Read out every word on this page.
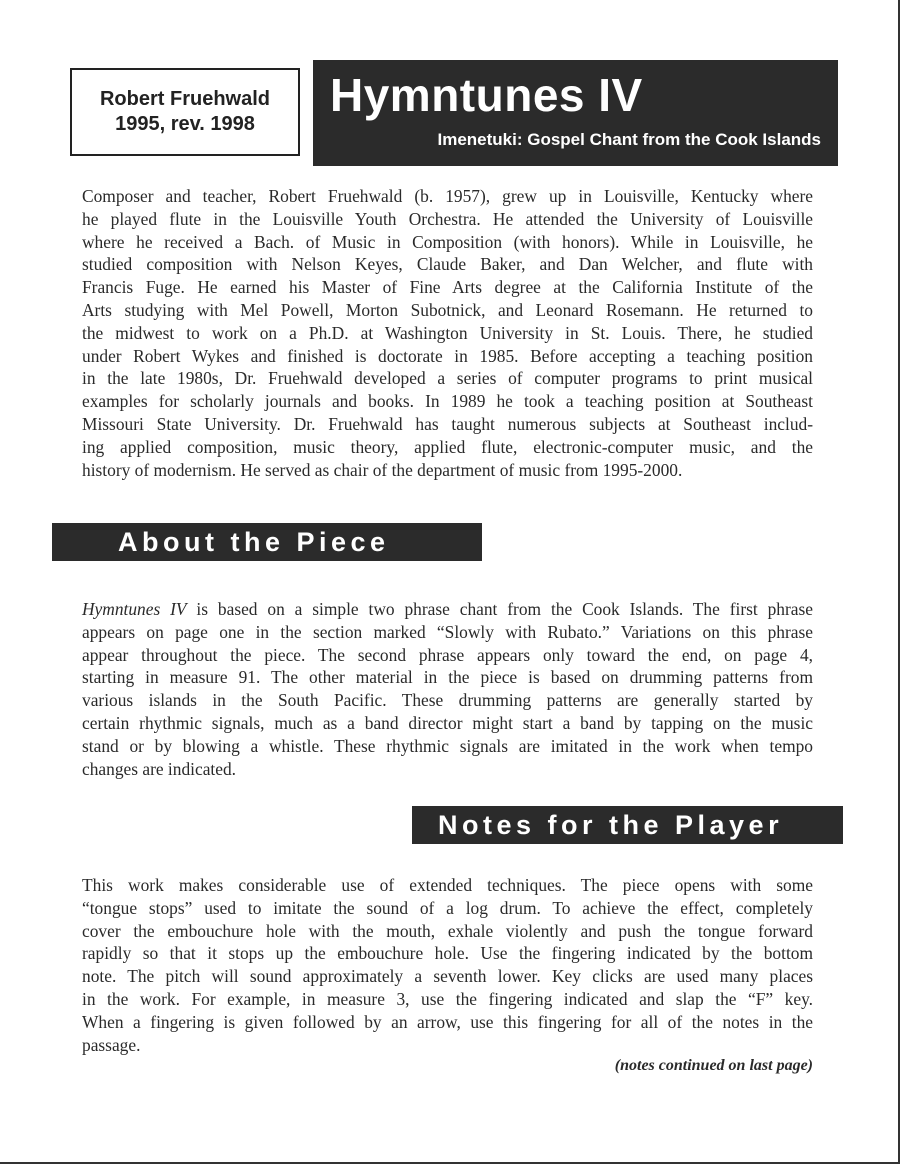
Robert Fruehwald
1995, rev. 1998
Hymntunes IV
Imenetuki: Gospel Chant from the Cook Islands
Composer and teacher, Robert Fruehwald (b. 1957), grew up in Louisville, Kentucky where
he played flute in the Louisville Youth Orchestra. He attended the University of Louisville
where he received a Bach. of Music in Composition (with honors). While in Louisville, he
studied composition with Nelson Keyes, Claude Baker, and Dan Welcher, and flute with
Francis Fuge. He earned his Master of Fine Arts degree at the California Institute of the
Arts studying with Mel Powell, Morton Subotnick, and Leonard Rosemann. He returned to
the midwest to work on a Ph.D. at Washington University in St. Louis. There, he studied
under Robert Wykes and finished is doctorate in 1985. Before accepting a teaching position
in the late 1980s, Dr. Fruehwald developed a series of computer programs to print musical
examples for scholarly journals and books. In 1989 he took a teaching position at Southeast
Missouri State University. Dr. Fruehwald has taught numerous subjects at Southeast includ-
ing applied composition, music theory, applied flute, electronic-computer music, and the
history of modernism. He served as chair of the department of music from 1995-2000.
About the Piece
Hymntunes IV is based on a simple two phrase chant from the Cook Islands. The first phrase
appears on page one in the section marked “Slowly with Rubato.” Variations on this phrase
appear throughout the piece. The second phrase appears only toward the end, on page 4,
starting in measure 91. The other material in the piece is based on drumming patterns from
various islands in the South Pacific. These drumming patterns are generally started by
certain rhythmic signals, much as a band director might start a band by tapping on the music
stand or by blowing a whistle. These rhythmic signals are imitated in the work when tempo
changes are indicated.
Notes for the Player
This work makes considerable use of extended techniques. The piece opens with some
“tongue stops” used to imitate the sound of a log drum. To achieve the effect, completely
cover the embouchure hole with the mouth, exhale violently and push the tongue forward
rapidly so that it stops up the embouchure hole. Use the fingering indicated by the bottom
note. The pitch will sound approximately a seventh lower. Key clicks are used many places
in the work. For example, in measure 3, use the fingering indicated and slap the “F” key.
When a fingering is given followed by an arrow, use this fingering for all of the notes in the
passage.
(notes continued on last page)
